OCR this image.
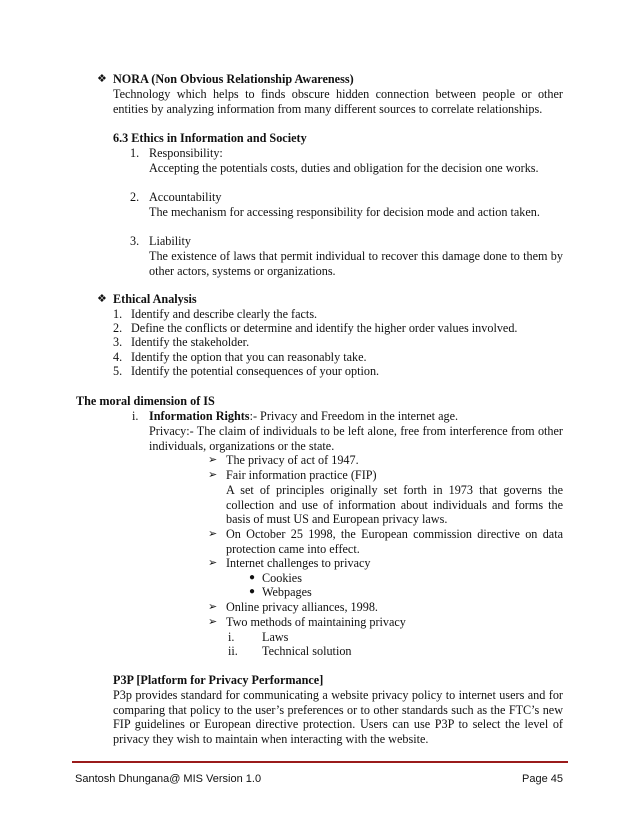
❖ NORA (Non Obvious Relationship Awareness)
Technology which helps to finds obscure hidden connection between people or other entities by analyzing information from many different sources to correlate relationships.
6.3 Ethics in Information and Society
1. Responsibility:
Accepting the potentials costs, duties and obligation for the decision one works.
2. Accountability
The mechanism for accessing responsibility for decision mode and action taken.
3. Liability
The existence of laws that permit individual to recover this damage done to them by other actors, systems or organizations.
❖ Ethical Analysis
1. Identify and describe clearly the facts.
2. Define the conflicts or determine and identify the higher order values involved.
3. Identify the stakeholder.
4. Identify the option that you can reasonably take.
5. Identify the potential consequences of your option.
The moral dimension of IS
i. Information Rights:- Privacy and Freedom in the internet age.
Privacy:- The claim of individuals to be left alone, free from interference from other individuals, organizations or the state.
➢ The privacy of act of 1947.
➢ Fair information practice (FIP)
A set of principles originally set forth in 1973 that governs the collection and use of information about individuals and forms the basis of must US and European privacy laws.
➢ On October 25 1998, the European commission directive on data protection came into effect.
➢ Internet challenges to privacy
● Cookies
● Webpages
➢ Online privacy alliances, 1998.
➢ Two methods of maintaining privacy
i. Laws
ii. Technical solution
P3P [Platform for Privacy Performance]
P3p provides standard for communicating a website privacy policy to internet users and for comparing that policy to the user’s preferences or to other standards such as the FTC’s new FIP guidelines or European directive protection. Users can use P3P to select the level of privacy they wish to maintain when interacting with the website.
Santosh Dhungana@ MIS Version 1.0	Page 45
